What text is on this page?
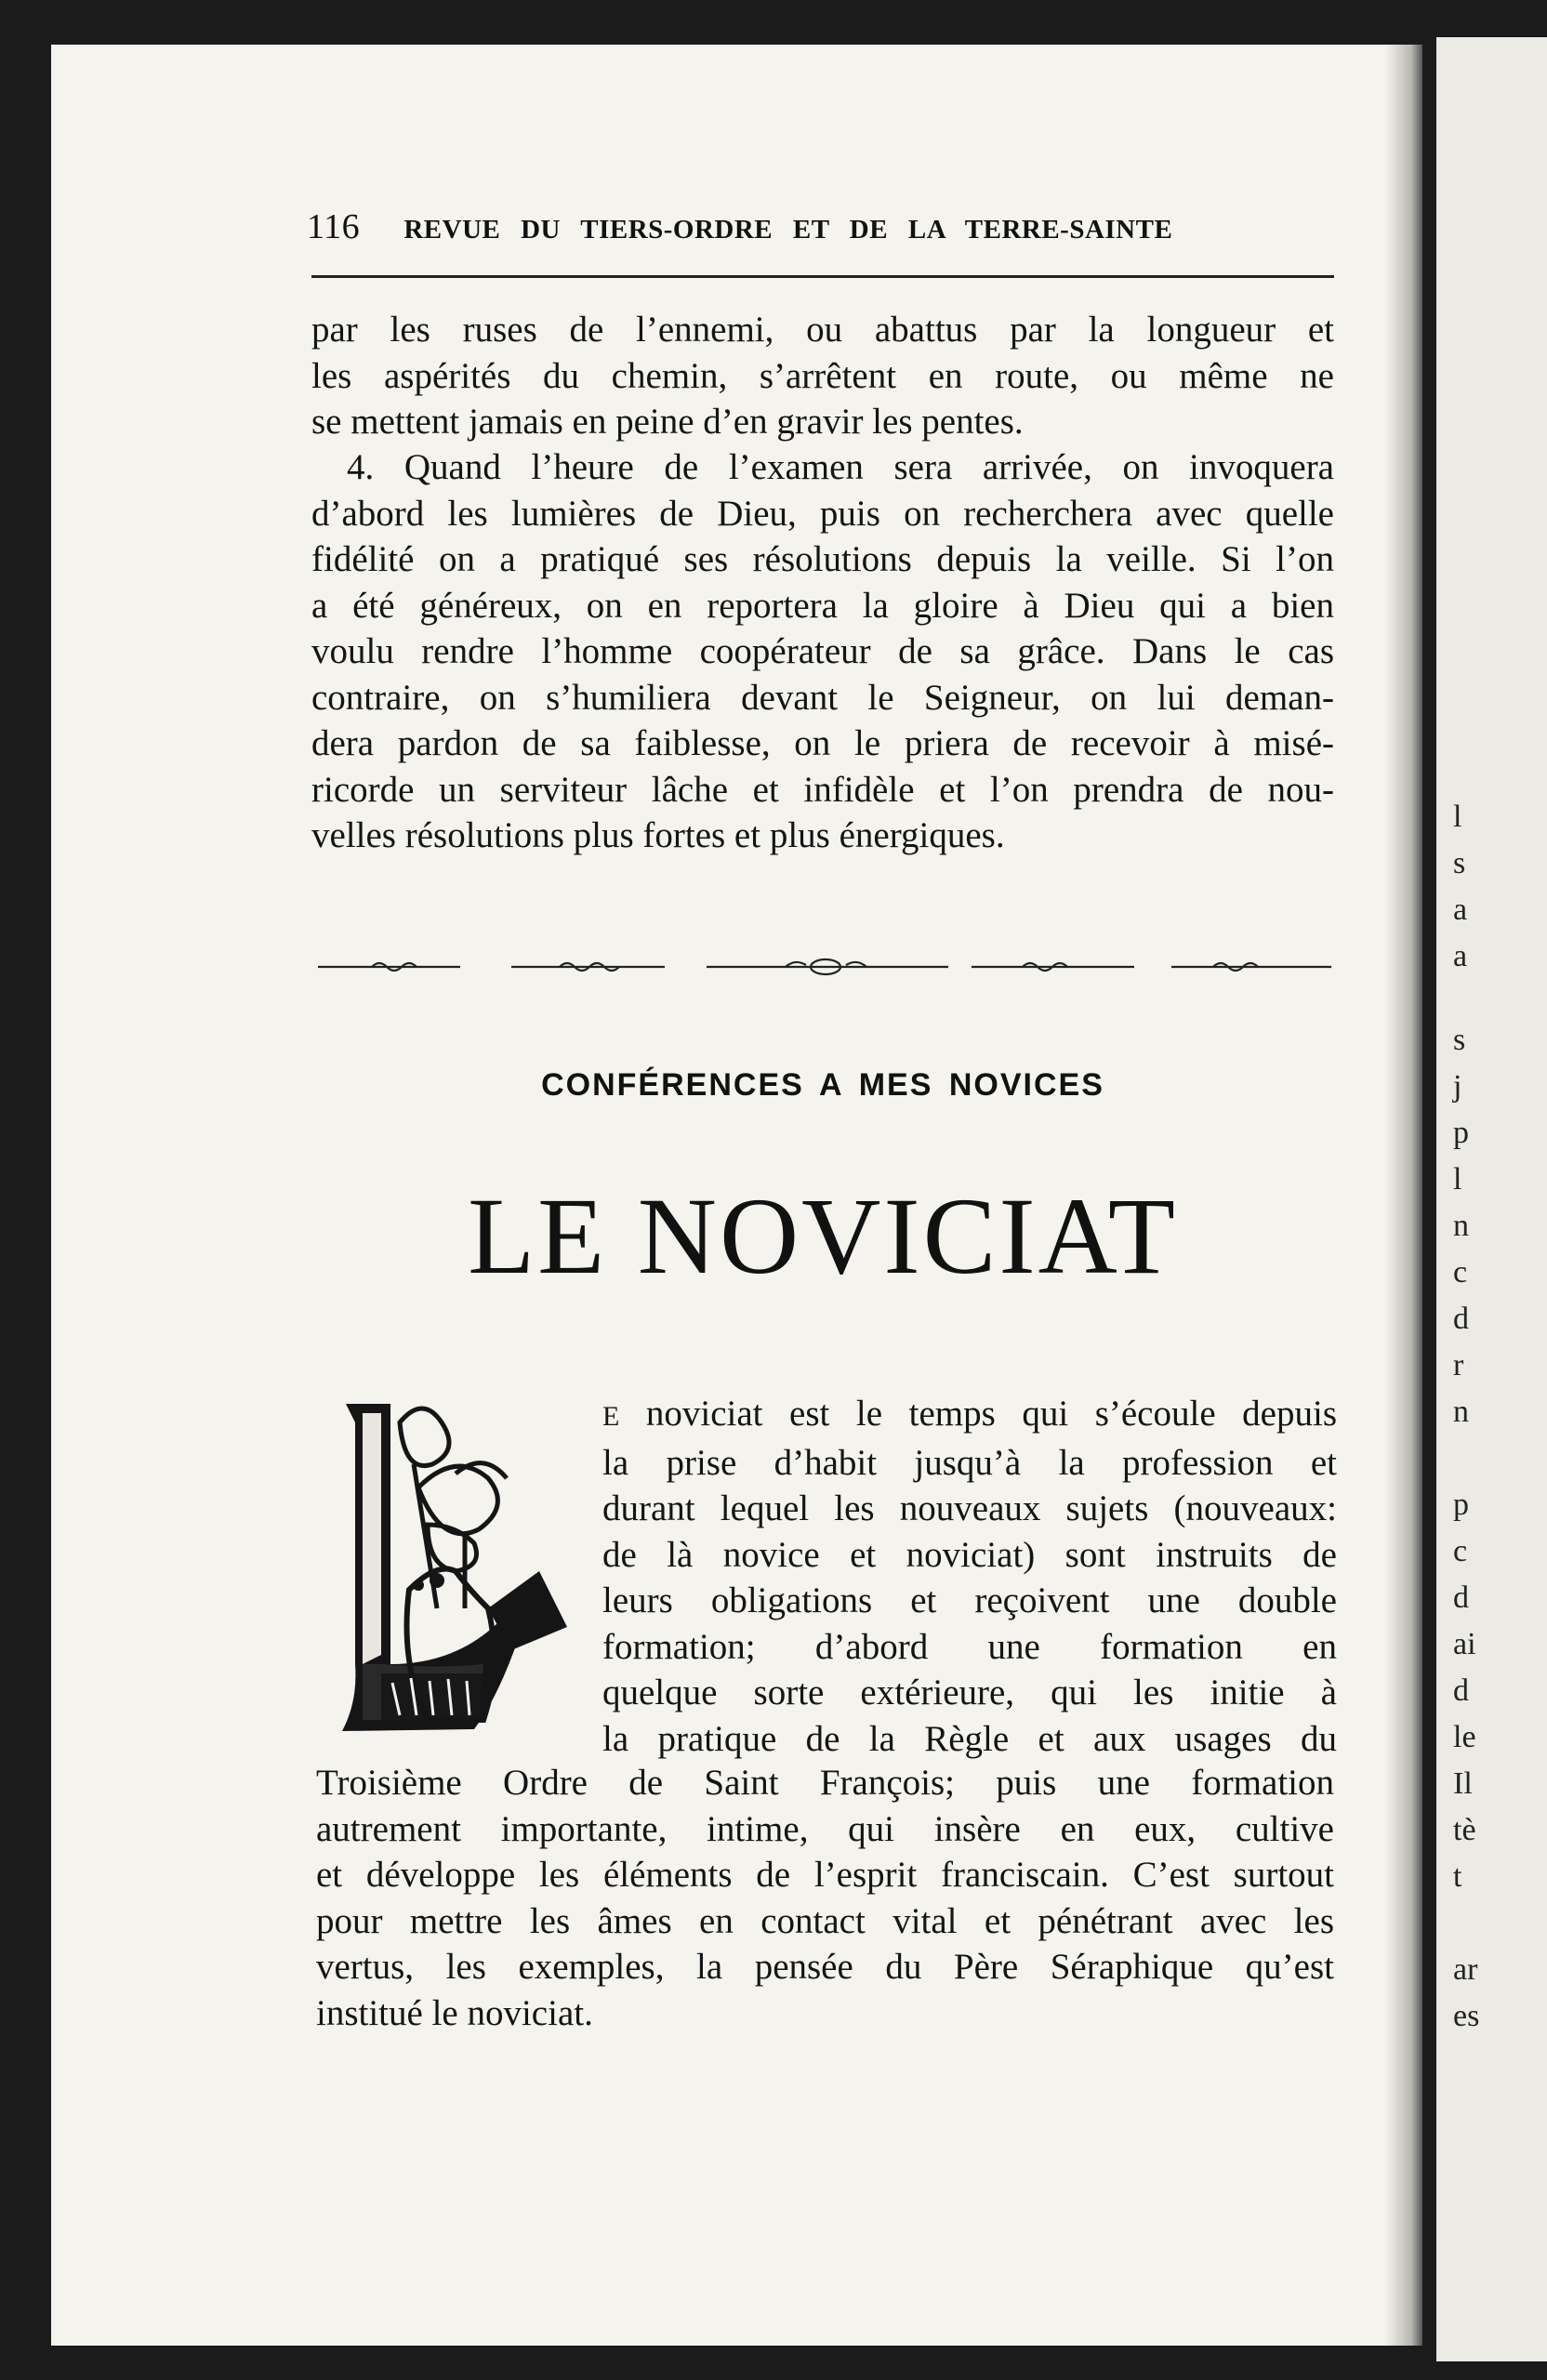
l
s
a
a
s
j
p
l
n
c
d
r
n
p
c
d
ai
d
le
Il
tè
t
ar
es
116 REVUE DU TIERS-ORDRE ET DE LA TERRE-SAINTE
par les ruses de l’ennemi, ou abattus par la longueur et
les aspérités du chemin, s’arrêtent en route, ou même ne
se mettent jamais en peine d’en gravir les pentes.
4. Quand l’heure de l’examen sera arrivée, on invoquera
d’abord les lumières de Dieu, puis on recherchera avec quelle
fidélité on a pratiqué ses résolutions depuis la veille. Si l’on
a été généreux, on en reportera la gloire à Dieu qui a bien
voulu rendre l’homme coopérateur de sa grâce. Dans le cas
contraire, on s’humiliera devant le Seigneur, on lui deman-
dera pardon de sa faiblesse, on le priera de recevoir à misé-
ricorde un serviteur lâche et infidèle et l’on prendra de nou-
velles résolutions plus fortes et plus énergiques.
CONFÉRENCES A MES NOVICES
LE NOVICIAT
E noviciat est le temps qui s’écoule depuis
la prise d’habit jusqu’à la profession et
durant lequel les nouveaux sujets (nouveaux:
de là novice et noviciat) sont instruits de
leurs obligations et reçoivent une double
formation; d’abord une formation en
quelque sorte extérieure, qui les initie à
la pratique de la Règle et aux usages du
Troisième Ordre de Saint François; puis une formation
autrement importante, intime, qui insère en eux, cultive
et développe les éléments de l’esprit franciscain. C’est surtout
pour mettre les âmes en contact vital et pénétrant avec les
vertus, les exemples, la pensée du Père Séraphique qu’est
institué le noviciat.
